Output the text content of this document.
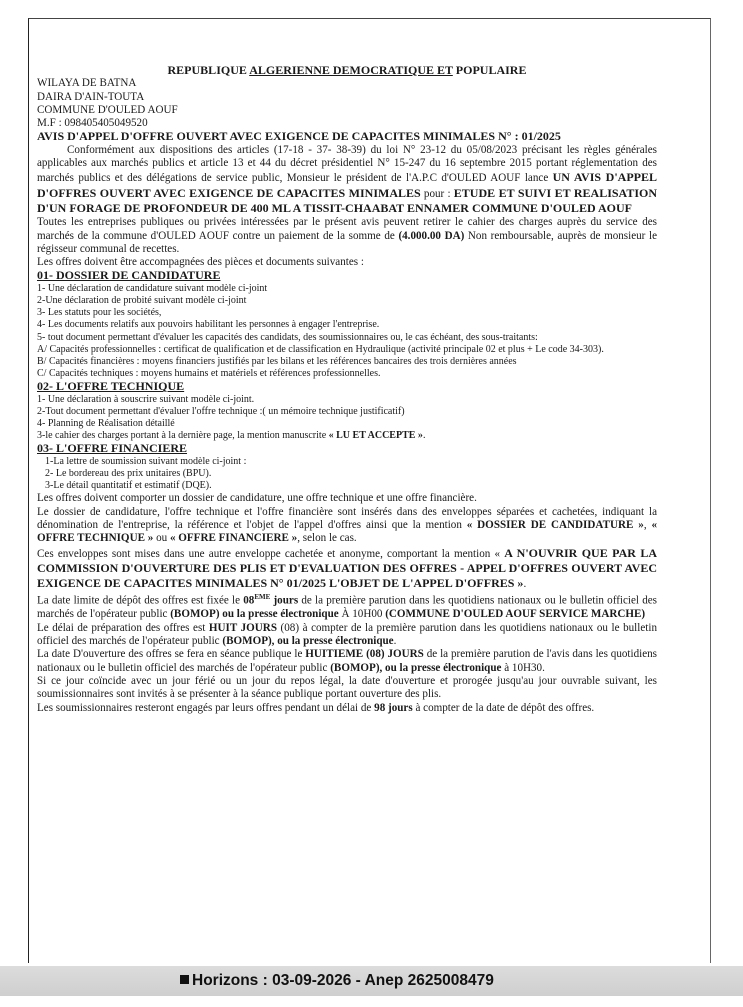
REPUBLIQUE ALGERIENNE DEMOCRATIQUE ET POPULAIRE

WILAYA DE BATNA

DAIRA D'AIN-TOUTA

COMMUNE D'OULED AOUF

M.F : 098405405049520

AVIS D'APPEL D'OFFRE OUVERT AVEC EXIGENCE DE CAPACITES MINIMALES N° : 01/2025

Conformément aux dispositions des articles (17-18 - 37- 38-39) du loi N° 23-12 du 05/08/2023 précisant les règles générales applicables aux marchés publics et article 13 et 44 du décret présidentiel N° 15-247 du 16 septembre 2015 portant réglementation des marchés publics et des délégations de service public, Monsieur le président de l'A.P.C d'OULED AOUF lance UN AVIS D'APPEL D'OFFRES OUVERT AVEC EXIGENCE DE CAPACITES MINIMALES pour : ETUDE ET SUIVI ET REALISATION D'UN FORAGE DE PROFONDEUR DE 400 ML A TISSIT-CHAABAT ENNAMER COMMUNE D'OULED AOUF

Toutes les entreprises publiques ou privées intéressées par le présent avis peuvent retirer le cahier des charges auprès du service des marchés de la commune d'OULED AOUF contre un paiement de la somme de (4.000.00 DA) Non remboursable, auprès de monsieur le régisseur communal de recettes.

Les offres doivent être accompagnées des pièces et documents suivantes :

01- DOSSIER DE CANDIDATURE

1- Une déclaration de candidature suivant modèle ci-joint

2-Une déclaration de probité suivant modèle ci-joint

3- Les statuts pour les sociétés,

4- Les documents relatifs aux pouvoirs habilitant les personnes à engager l'entreprise.

5- tout document permettant d'évaluer les capacités des candidats, des soumissionnaires ou, le cas échéant, des sous-traitants:

A/ Capacités professionnelles : certificat de qualification et de classification en Hydraulique (activité principale 02 et plus + Le code 34-303).

B/ Capacités financières : moyens financiers justifiés par les bilans et les références bancaires des trois dernières années

C/ Capacités techniques : moyens humains et matériels et références professionnelles.

02- L'OFFRE TECHNIQUE

1- Une déclaration à souscrire suivant modèle ci-joint.

2-Tout document permettant d'évaluer l'offre technique :( un mémoire technique justificatif)

4- Planning de Réalisation détaillé

3-le cahier des charges portant à la dernière page, la mention manuscrite « LU ET ACCEPTE ».

03- L'OFFRE FINANCIERE

1-La lettre de soumission suivant modèle ci-joint :

2- Le bordereau des prix unitaires (BPU).

3-Le détail quantitatif et estimatif (DQE).

Les offres doivent comporter un dossier de candidature, une offre technique et une offre financière.

Le dossier de candidature, l'offre technique et l'offre financière sont insérés dans des enveloppes séparées et cachetées, indiquant la dénomination de l'entreprise, la référence et l'objet de l'appel d'offres ainsi que la mention « DOSSIER DE CANDIDATURE », « OFFRE TECHNIQUE » ou « OFFRE FINANCIERE », selon le cas.

Ces enveloppes sont mises dans une autre enveloppe cachetée et anonyme, comportant la mention « A N'OUVRIR QUE PAR LA COMMISSION D'OUVERTURE DES PLIS ET D'EVALUATION DES OFFRES - APPEL D'OFFRES OUVERT AVEC EXIGENCE DE CAPACITES MINIMALES N° 01/2025 L'OBJET DE L'APPEL D'OFFRES ».

La date limite de dépôt des offres est fixée le 08EME jours de la première parution dans les quotidiens nationaux ou le bulletin officiel des marchés de l'opérateur public (BOMOP) ou la presse électronique À 10H00 (COMMUNE D'OULED AOUF SERVICE MARCHE)

Le délai de préparation des offres est HUIT JOURS (08) à compter de la première parution dans les quotidiens nationaux ou le bulletin officiel des marchés de l'opérateur public (BOMOP), ou la presse électronique.

La date D'ouverture des offres se fera en séance publique le HUITIEME (08) JOURS de la première parution de l'avis dans les quotidiens nationaux ou le bulletin officiel des marchés de l'opérateur public (BOMOP), ou la presse électronique à 10H30.

Si ce jour coïncide avec un jour férié ou un jour du repos légal, la date d'ouverture et prorogée jusqu'au jour ouvrable suivant, les soumissionnaires sont invités à se présenter à la séance publique portant ouverture des plis.

Les soumissionnaires resteront engagés par leurs offres pendant un délai de 98 jours à compter de la date de dépôt des offres.

Horizons : 03-09-2026 - Anep 2625008479
